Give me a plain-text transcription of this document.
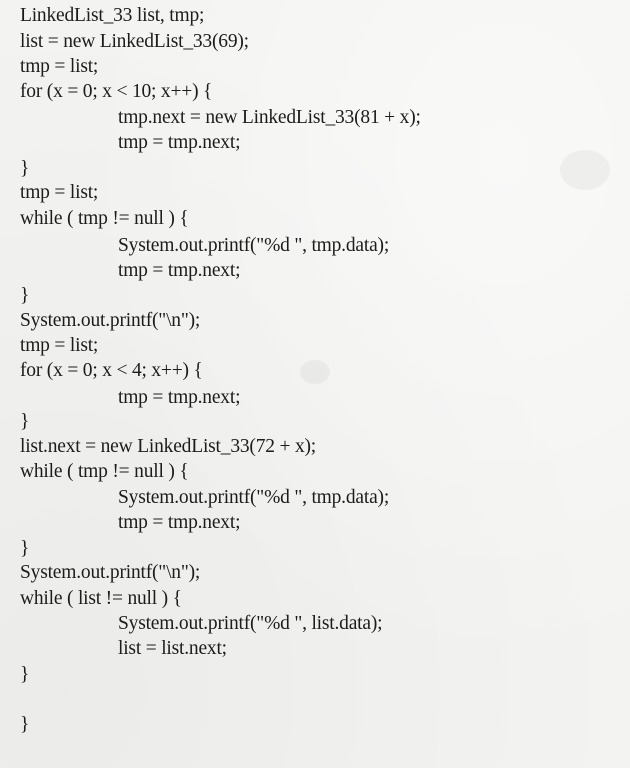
LinkedList_33 list, tmp;
list = new LinkedList_33(69);
tmp = list;
for (x = 0; x < 10; x++) {
tmp.next = new LinkedList_33(81 + x);
tmp = tmp.next;
}
tmp = list;
while ( tmp != null ) {
System.out.printf("%d ", tmp.data);
tmp = tmp.next;
}
System.out.printf("\n");
tmp = list;
for (x = 0; x < 4; x++) {
tmp = tmp.next;
}
list.next = new LinkedList_33(72 + x);
while ( tmp != null ) {
System.out.printf("%d ", tmp.data);
tmp = tmp.next;
}
System.out.printf("\n");
while ( list != null ) {
System.out.printf("%d ", list.data);
list = list.next;
}
}
